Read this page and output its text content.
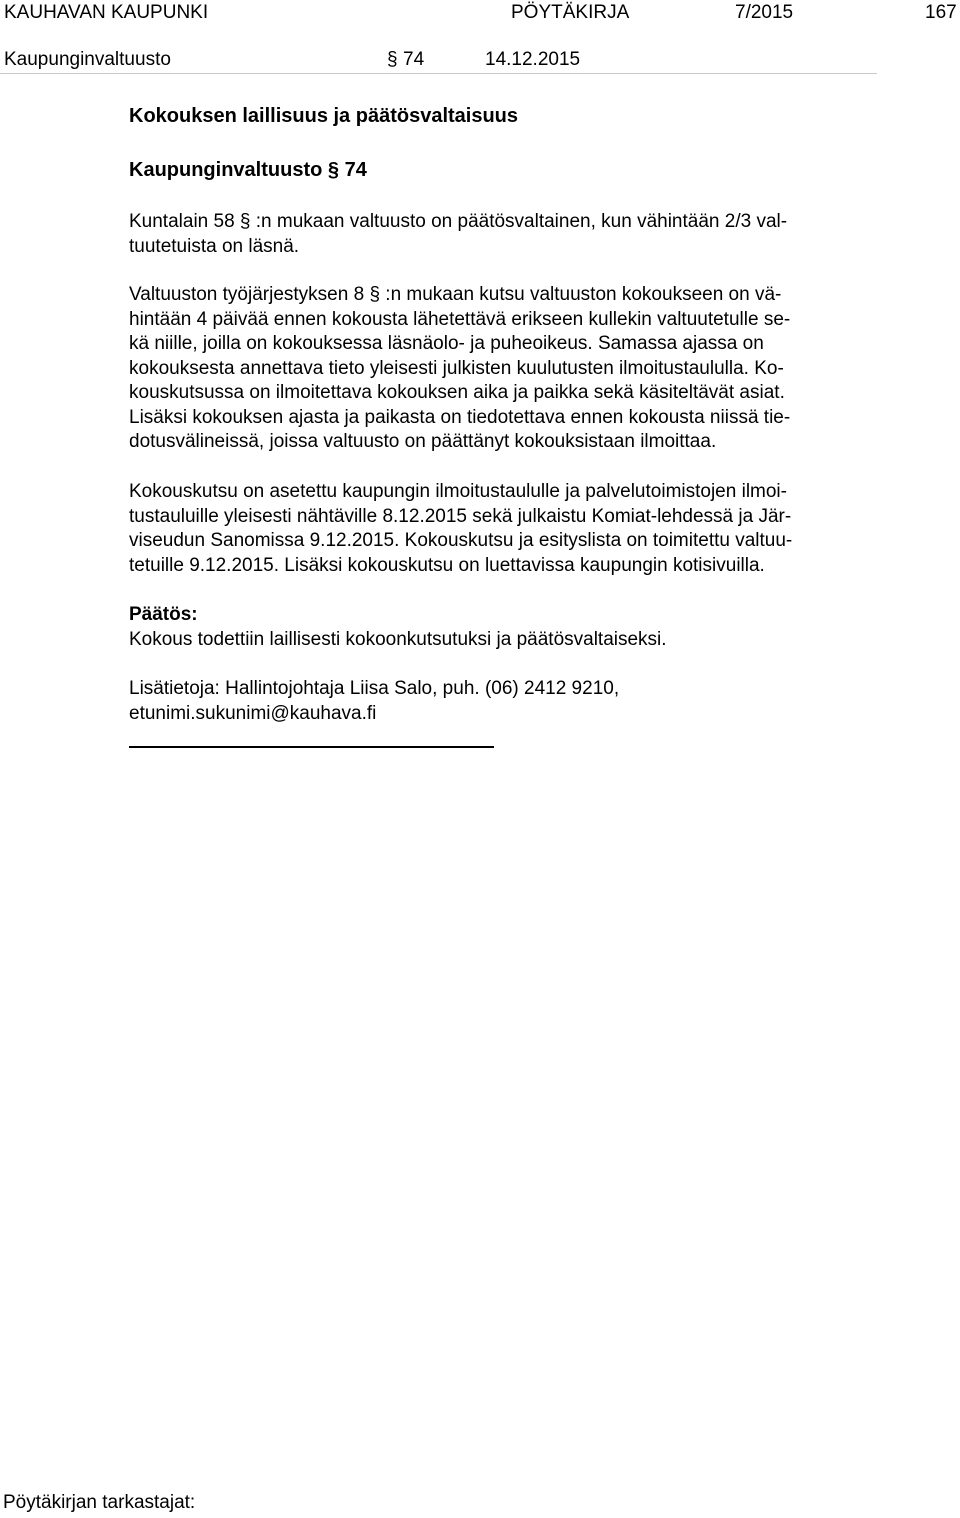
KAUHAVAN KAUPUNKI	PÖYTÄKIRJA	7/2015	167
Kaupunginvaltuusto	§ 74	14.12.2015
Kokouksen laillisuus ja päätösvaltaisuus
Kaupunginvaltuusto § 74
Kuntalain 58 § :n mukaan valtuusto on päätösvaltainen, kun vähintään 2/3 val-
tuutetuista on läsnä.
Valtuuston työjärjestyksen 8 § :n mukaan kutsu valtuuston kokoukseen on vä-
hintään 4 päivää ennen kokousta lähetettävä erikseen kullekin valtuutetulle se-
kä niille, joilla on kokouksessa läsnäolo- ja puheoikeus. Samassa ajassa on
kokouksesta annettava tieto yleisesti julkisten kuulutusten ilmoitustaululla. Ko-
kouskutsussa on ilmoitettava kokouksen aika ja paikka sekä käsiteltävät asiat.
Lisäksi kokouksen ajasta ja paikasta on tiedotettava ennen kokousta niissä tie-
dotusvälineissä, joissa valtuusto on päättänyt kokouksistaan ilmoittaa.
Kokouskutsu on asetettu kaupungin ilmoitustaululle ja palvelutoimistojen ilmoi-
tustauluille yleisesti nähtäville 8.12.2015 sekä julkaistu Komiat-lehdessä ja Jär-
viseudun Sanomissa 9.12.2015. Kokouskutsu ja esityslista on toimitettu valtuu-
tetuille 9.12.2015. Lisäksi kokouskutsu on luettavissa kaupungin kotisivuilla.
Päätös:
Kokous todettiin laillisesti kokoonkutsutuksi ja päätösvaltaiseksi.
Lisätietoja: Hallintojohtaja Liisa Salo, puh. (06) 2412 9210,
etunimi.sukunimi@kauhava.fi
Pöytäkirjan tarkastajat:
